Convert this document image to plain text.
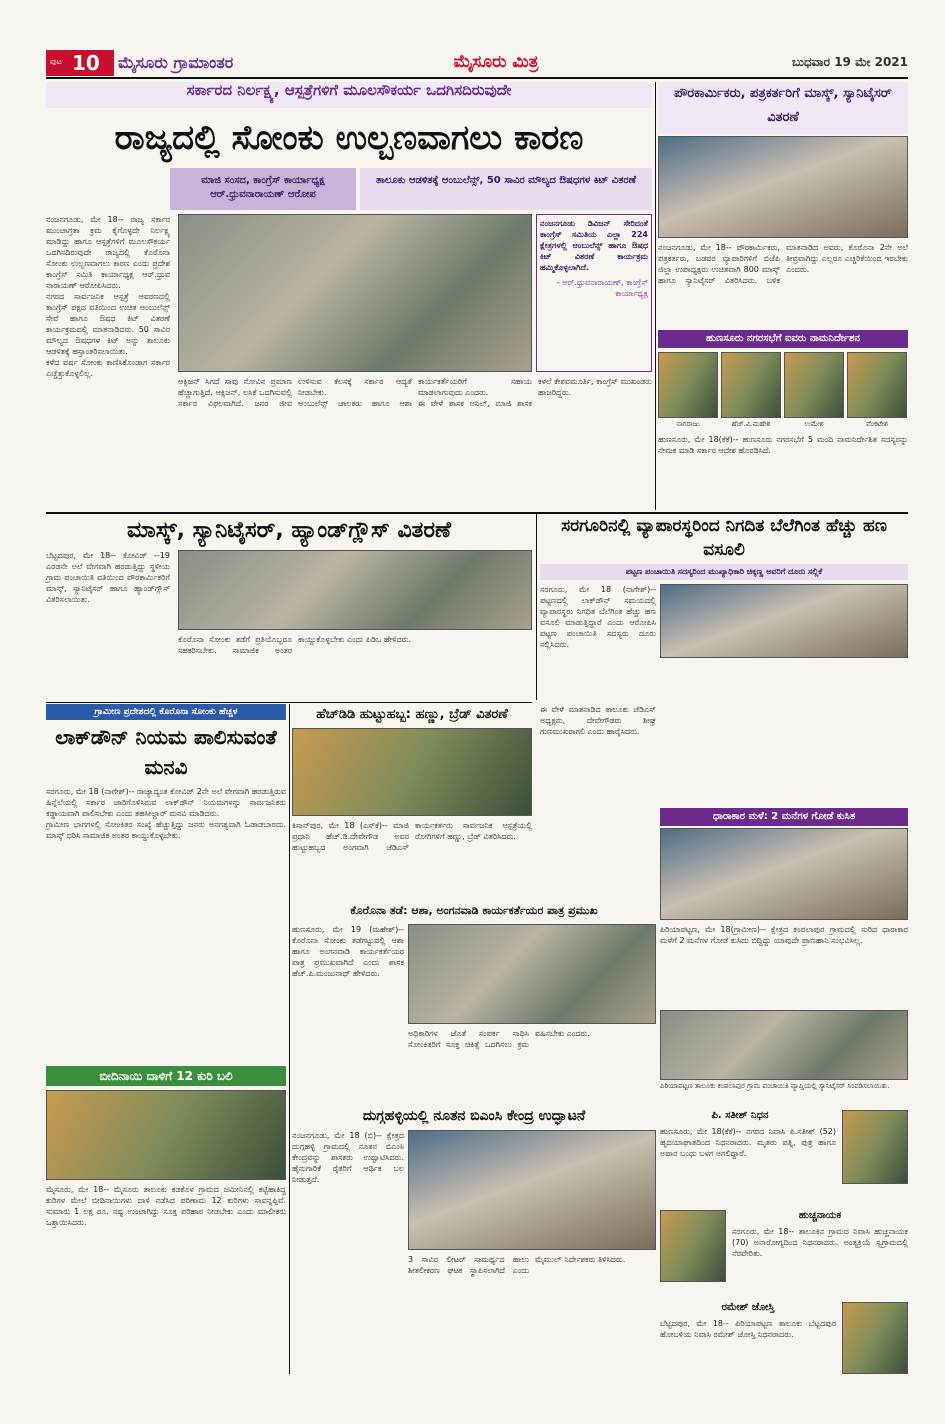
ಪುಟ 10 ಮೈಸೂರು ಗ್ರಾಮಾಂತರ	ಮೈಸೂರು ಮಿತ್ರ	ಬುಧವಾರ 19 ಮೇ 2021
ಸರ್ಕಾರದ ನಿರ್ಲಕ್ಷ್ಯ, ಆಸ್ಪತ್ರೆಗಳಿಗೆ ಮೂಲಸೌಕರ್ಯ ಒದಗಿಸದಿರುವುದೇ
ರಾಜ್ಯದಲ್ಲಿ ಸೋಂಕು ಉಲ್ಬಣವಾಗಲು ಕಾರಣ
ಮಾಜಿ ಸಂಸದ, ಕಾಂಗ್ರೆಸ್ ಕಾರ್ಯಾಧ್ಯಕ್ಷ ಆರ್.ಧ್ರುವನಾರಾಯಣ್ ಆರೋಪ
ತಾಲೂಕು ಆಡಳಿತಕ್ಕೆ ಆಂಬುಲೆನ್ಸ್, 50 ಸಾವಿರ ಮೌಲ್ಯದ ಔಷಧಗಳ ಕಿಟ್ ವಿತರಣೆ
ನಂಜನಗೂಡು, ಮೇ 18-- ರಾಜ್ಯ ಸರ್ಕಾರ ಮುಂಜಾಗ್ರತಾ ಕ್ರಮ ಕೈಗೊಳ್ಳದೇ ನಿರ್ಲಕ್ಷ್ಯ ಮಾಡಿದ್ದು ಹಾಗೂ ಆಸ್ಪತ್ರೆಗಳಿಗೆ ಮೂಲಸೌಕರ್ಯ ಒದಗಿಸದಿರುವುದೇ ರಾಜ್ಯದಲ್ಲಿ ಕೊರೊನಾ ಸೋಂಕು ಉಲ್ಬಣವಾಗಲು ಕಾರಣ ಎಂದು ಪ್ರದೇಶ ಕಾಂಗ್ರೆಸ್ ಸಮಿತಿ ಕಾರ್ಯಾಧ್ಯಕ್ಷ ಆರ್.ಧ್ರುವ ನಾರಾಯಣ್ ಆರೋಪಿಸಿದರು.
ನಗರದ ಸಾರ್ವಜನಿಕ ಆಸ್ಪತ್ರೆ ಆವರಣದಲ್ಲಿ ಕಾಂಗ್ರೆಸ್ ಪಕ್ಷದ ವತಿಯಿಂದ ಉಚಿತ ಆಂಬುಲೆನ್ಸ್ ಸೇವೆ ಹಾಗೂ ಔಷಧ ಕಿಟ್ ವಿತರಣೆ ಕಾರ್ಯಕ್ರಮದಲ್ಲಿ ಮಾತನಾಡಿದರು. 50 ಸಾವಿರ ಮೌಲ್ಯದ ಔಷಧಗಳ ಕಿಟ್ ಅನ್ನು ತಾಲೂಕು ಆಡಳಿತಕ್ಕೆ ಹಸ್ತಾಂತರಿಸಲಾಯಿತು.
ಕಳೆದ ವರ್ಷ ಸೋಂಕು ಕಾಣಿಸಿಕೊಂಡಾಗ ಸರ್ಕಾರ ಎಚ್ಚೆತ್ತುಕೊಳ್ಳಲಿಲ್ಲ.
ನಂಜನಗೂಡು ಡಿವಿಜನ್ ಸೇರಿದಂತೆ ಕಾಂಗ್ರೆಸ್ ಸಮಿತಿಯ ಎಲ್ಲಾ 224 ಕ್ಷೇತ್ರಗಳಲ್ಲಿ ಆಂಬುಲೆನ್ಸ್ ಹಾಗೂ ಔಷಧ ಕಿಟ್ ವಿತರಣೆ ಕಾರ್ಯಕ್ರಮ ಹಮ್ಮಿಕೊಳ್ಳಲಾಗಿದೆ.
- ಆರ್.ಧ್ರುವನಾರಾಯಣ್, ಕಾಂಗ್ರೆಸ್ ಕಾರ್ಯಾಧ್ಯಕ್ಷ
ಆಕ್ಸಿಜನ್ ಸಿಗದೆ ಸಾವು ನೋವಿನ ಪ್ರಮಾಣ ಹೆಚ್ಚಾಗುತ್ತಿದೆ. ಆಕ್ಸಿಜನ್, ಲಸಿಕೆ ಒದಗಿಸುವಲ್ಲಿ ಸರ್ಕಾರ ವಿಫಲವಾಗಿದೆ. ಜನರ ಜೀವ ಉಳಿಸುವ ಕೆಲಸಕ್ಕೆ ಸರ್ಕಾರ ಆದ್ಯತೆ ನೀಡಬೇಕು.
ಆಂಬುಲೆನ್ಸ್ ಚಾಲಕರು ಹಾಗೂ ಆಶಾ ಕಾರ್ಯಕರ್ತೆಯರಿಗೆ ಸಹಾಯ ಮಾಡಲಾಗುವುದು ಎಂದರು.
ಈ ವೇಳೆ ಶಾಸಕ ಅನಿಲ್, ಮಾಜಿ ಶಾಸಕ ಕಳಲೆ ಕೇಶವಮೂರ್ತಿ, ಕಾಂಗ್ರೆಸ್ ಮುಖಂಡರು ಹಾಜರಿದ್ದರು.
ಪೌರಕಾರ್ಮಿಕರು, ಪತ್ರಕರ್ತರಿಗೆ ಮಾಸ್ಕ್, ಸ್ಯಾನಿಟೈಸರ್ ವಿತರಣೆ
ನಂಜನಗೂಡು, ಮೇ 18-- ಪೌರಕಾರ್ಮಿಕರು, ಪತ್ರಕರ್ತರು, ಬಡವರ ವ್ಯಾಪಾರಿಗಳಿಗೆ ಬಿಜೆಪಿ ಜಿಲ್ಲಾ ಉಪಾಧ್ಯಕ್ಷರು ಉಚಿತವಾಗಿ 800 ಮಾಸ್ಕ್ ಹಾಗೂ ಸ್ಯಾನಿಟೈಸರ್ ವಿತರಿಸಿದರು. ಬಳಿಕ ಮಾತನಾಡಿದ ಅವರು, ಕೊರೊನಾ 2ನೇ ಅಲೆ ತೀವ್ರವಾಗಿದ್ದು ಎಲ್ಲರೂ ಎಚ್ಚರಿಕೆಯಿಂದ ಇರಬೇಕು ಎಂದರು.
ಹುಣಸೂರು ನಗರಸಭೆಗೆ ಐವರು ನಾಮನಿರ್ದೇಶನ
ನಾಗರಾಜು	ಹೆಚ್.ವಿ.ಮಹೇಶ	ಉಮೇಶ	ವೆಂಕಟೇಶ
ಹುಣಸೂರು, ಮೇ 18(ಕೆಕೆ)-- ಹುಣಸೂರು ನಗರಸಭೆಗೆ 5 ಮಂದಿ ನಾಮನಿರ್ದೇಶಿತ ಸದಸ್ಯರನ್ನು ನೇಮಕ ಮಾಡಿ ಸರ್ಕಾರ ಆದೇಶ ಹೊರಡಿಸಿದೆ.
ಮಾಸ್ಕ್, ಸ್ಯಾನಿಟೈಸರ್, ಹ್ಯಾಂಡ್‌ಗ್ಲೌಸ್ ವಿತರಣೆ
ಬೆಟ್ಟದಪುರ, ಮೇ 18-- ಕೋವಿಡ್ --19 ಎರಡನೇ ಅಲೆ ವೇಗವಾಗಿ ಹರಡುತ್ತಿದ್ದು ಸ್ಥಳೀಯ ಗ್ರಾಮ ಪಂಚಾಯಿತಿ ವತಿಯಿಂದ ಪೌರಕಾರ್ಮಿಕರಿಗೆ ಮಾಸ್ಕ್, ಸ್ಯಾನಿಟೈಸರ್ ಹಾಗೂ ಹ್ಯಾಂಡ್‌ಗ್ಲೌಸ್ ವಿತರಿಸಲಾಯಿತು.
ಕೊರೊನಾ ಸೋಂಕು ತಡೆಗೆ ಪ್ರತಿಯೊಬ್ಬರೂ ಸಹಕರಿಸಬೇಕು. ಸಾಮಾಜಿಕ ಅಂತರ ಕಾಯ್ದುಕೊಳ್ಳಬೇಕು ಎಂದು ಪಿಡಿಒ ಹೇಳಿದರು.
ಸರಗೂರಿನಲ್ಲಿ ವ್ಯಾಪಾರಸ್ಥರಿಂದ ನಿಗದಿತ ಬೆಲೆಗಿಂತ ಹೆಚ್ಚು ಹಣ ವಸೂಲಿ
ಪಟ್ಟಣ ಪಂಚಾಯಿತಿ ಸದಸ್ಯರಿಂದ ಮುಖ್ಯಾಧಿಕಾರಿ ಚಿಕ್ಕಣ್ಣ ಅವರಿಗೆ ದೂರು ಸಲ್ಲಿಕೆ
ಸರಗೂರು, ಮೇ 18 (ನಾಗೇಶ್)-- ಪಟ್ಟಣದಲ್ಲಿ ಲಾಕ್‌ಡೌನ್ ಸಮಯದಲ್ಲಿ ವ್ಯಾಪಾರಸ್ಥರು ನಿಗದಿತ ಬೆಲೆಗಿಂತ ಹೆಚ್ಚು ಹಣ ವಸೂಲಿ ಮಾಡುತ್ತಿದ್ದಾರೆ ಎಂದು ಆರೋಪಿಸಿ ಪಟ್ಟಣ ಪಂಚಾಯಿತಿ ಸದಸ್ಯರು ದೂರು ಸಲ್ಲಿಸಿದರು.
ಗ್ರಾಮೀಣ ಪ್ರದೇಶದಲ್ಲಿ ಕೊರೊನಾ ಸೋಂಕು ಹೆಚ್ಚಳ
ಲಾಕ್‌ಡೌನ್ ನಿಯಮ ಪಾಲಿಸುವಂತೆ ಮನವಿ
ಸರಗೂರು, ಮೇ 18 (ನಾಗೇಶ್)-- ರಾಜ್ಯಾದ್ಯಂತ ಕೋವಿಡ್ 2ನೇ ಅಲೆ ವೇಗವಾಗಿ ಹರಡುತ್ತಿರುವ ಹಿನ್ನೆಲೆಯಲ್ಲಿ ಸರ್ಕಾರ ಜಾರಿಗೊಳಿಸಿರುವ ಲಾಕ್‌ಡೌನ್ ನಿಯಮಗಳನ್ನು ಸಾರ್ವಜನಿಕರು ಕಡ್ಡಾಯವಾಗಿ ಪಾಲಿಸಬೇಕು ಎಂದು ತಹಸೀಲ್ದಾರ್ ಮನವಿ ಮಾಡಿದರು.
ಗ್ರಾಮೀಣ ಭಾಗಗಳಲ್ಲಿ ಸೋಂಕಿತರ ಸಂಖ್ಯೆ ಹೆಚ್ಚುತ್ತಿದ್ದು ಜನರು ಅನಗತ್ಯವಾಗಿ ಓಡಾಡಬಾರದು. ಮಾಸ್ಕ್ ಧರಿಸಿ ಸಾಮಾಜಿಕ ಅಂತರ ಕಾಯ್ದುಕೊಳ್ಳಬೇಕು.
ಹೆಚ್‌ಡಿಡಿ ಹುಟ್ಟುಹಬ್ಬ: ಹಣ್ಣು, ಬ್ರೆಡ್ ವಿತರಣೆ
ಕಿಸಾನ್‌ಪುರ, ಮೇ 18 (ಎಸ್‌ಕೆ)-- ಮಾಜಿ ಪ್ರಧಾನಿ ಹೆಚ್.ಡಿ.ದೇವೇಗೌಡ ಅವರ ಹುಟ್ಟುಹಬ್ಬದ ಅಂಗವಾಗಿ ಜೆಡಿಎಸ್ ಕಾರ್ಯಕರ್ತರು ಸಾರ್ವಜನಿಕ ಆಸ್ಪತ್ರೆಯಲ್ಲಿ ರೋಗಿಗಳಿಗೆ ಹಣ್ಣು, ಬ್ರೆಡ್ ವಿತರಿಸಿದರು.
ಈ ವೇಳೆ ಮಾತನಾಡಿದ ತಾಲೂಕು ಜೆಡಿಎಸ್ ಅಧ್ಯಕ್ಷರು, ದೇವೇಗೌಡರು ಶೀಘ್ರ ಗುಣಮುಖರಾಗಲಿ ಎಂದು ಹಾರೈಸಿದರು.
ಧಾರಾಕಾರ ಮಳೆ: 2 ಮನೆಗಳ ಗೋಡೆ ಕುಸಿತ
ಪಿರಿಯಾಪಟ್ಟಣ, ಮೇ 18(ಗ್ರಾಮೀಣ)-- ಕ್ಷೇತ್ರದ ಕಂಪಲಾಪುರ ಗ್ರಾಮದಲ್ಲಿ ಸುರಿದ ಧಾರಾಕಾರ ಮಳೆಗೆ 2 ಮನೆಗಳ ಗೋಡೆ ಕುಸಿದು ಬಿದ್ದಿದ್ದು ಯಾವುದೇ ಪ್ರಾಣಹಾನಿ ಸಂಭವಿಸಿಲ್ಲ.
ಪಿರಿಯಾಪಟ್ಟಣ ತಾಲೂಕು ಕಂಪಲಾಪುರ ಗ್ರಾಮ ಪಂಚಾಯಿತಿ ವ್ಯಾಪ್ತಿಯಲ್ಲಿ ಸ್ಯಾನಿಟೈಸರ್ ಸಿಂಪಡಿಸಲಾಯಿತು.
ಕೊರೊನಾ ತಡೆ: ಆಶಾ, ಅಂಗನವಾಡಿ ಕಾರ್ಯಕರ್ತೆಯರ ಪಾತ್ರ ಪ್ರಮುಖ
ಹುಣಸೂರು, ಮೇ 19 (ಮಹೇಶ್)-- ಕೊರೊನಾ ಸೋಂಕು ತಡೆಗಟ್ಟುವಲ್ಲಿ ಆಶಾ ಹಾಗೂ ಅಂಗನವಾಡಿ ಕಾರ್ಯಕರ್ತೆಯರ ಪಾತ್ರ ಪ್ರಮುಖವಾಗಿದೆ ಎಂದು ಶಾಸಕ ಹೆಚ್.ಪಿ.ಮಂಜುನಾಥ್ ಹೇಳಿದರು.
ಅಧಿಕಾರಿಗಳ ಜೊತೆ ಸಂಪರ್ಕ ಸಾಧಿಸಿ ಸೋಂಕಿತರಿಗೆ ಸೂಕ್ತ ಚಿಕಿತ್ಸೆ ಒದಗಿಸಲು ಕ್ರಮ ವಹಿಸಬೇಕು ಎಂದರು.
ಬೀದಿನಾಯಿ ದಾಳಿಗೆ 12 ಕುರಿ ಬಲಿ
ಮೈಸೂರು, ಮೇ 18-- ಮೈಸೂರು ತಾಲೂಕು ಕಡಕೊಳ ಗ್ರಾಮದ ಜಮೀನಿನಲ್ಲಿ ಕಟ್ಟಿಹಾಕಿದ್ದ ಕುರಿಗಳ ಮೇಲೆ ಬೀದಿನಾಯಿಗಳು ದಾಳಿ ನಡೆಸಿದ ಪರಿಣಾಮ 12 ಕುರಿಗಳು ಸಾವನ್ನಪ್ಪಿವೆ. ಸುಮಾರು 1 ಲಕ್ಷ ರೂ. ನಷ್ಟ ಉಂಟಾಗಿದ್ದು ಸೂಕ್ತ ಪರಿಹಾರ ನೀಡಬೇಕು ಎಂದು ಮಾಲೀಕರು ಒತ್ತಾಯಿಸಿದರು.
ದುಗ್ಗಹಳ್ಳಿಯಲ್ಲಿ ನೂತನ ಬಿಎಂಸಿ ಕೇಂದ್ರ ಉದ್ಘಾಟನೆ
ನಂಜನಗೂಡು, ಮೇ 18 (ಬಿ)-- ಕ್ಷೇತ್ರದ ದುಗ್ಗಹಳ್ಳಿ ಗ್ರಾಮದಲ್ಲಿ ನೂತನ ಬಿಎಂಸಿ ಕೇಂದ್ರವನ್ನು ಶಾಸಕರು ಉದ್ಘಾಟಿಸಿದರು. ಹೈನುಗಾರಿಕೆ ರೈತರಿಗೆ ಆರ್ಥಿಕ ಬಲ ನೀಡುತ್ತದೆ.
3 ಸಾವಿರ ಲೀಟರ್ ಸಾಮರ್ಥ್ಯದ ಹಾಲು ಶೀತಲೀಕರಣ ಘಟಕ ಸ್ಥಾಪಿಸಲಾಗಿದೆ ಎಂದು ಮೈಮುಲ್ ನಿರ್ದೇಶಕರು ತಿಳಿಸಿದರು.
ಪಿ. ಸತೀಶ್ ನಿಧನ
ಹುಣಸೂರು, ಮೇ 18(ಕೆಕೆ)-- ನಗರದ ನಿವಾಸಿ ಪಿ.ಸತೀಶ್ (52) ಹೃದಯಾಘಾತದಿಂದ ನಿಧನರಾದರು. ಮೃತರು ಪತ್ನಿ, ಪುತ್ರ ಹಾಗೂ ಅಪಾರ ಬಂಧು ಬಳಗ ಅಗಲಿದ್ದಾರೆ.
ಹುಚ್ಚನಾಯಕ
ಸರಗೂರು, ಮೇ 18-- ತಾಲೂಕಿನ ಗ್ರಾಮದ ನಿವಾಸಿ ಹುಚ್ಚನಾಯಕ (70) ಅನಾರೋಗ್ಯದಿಂದ ನಿಧನರಾದರು. ಅಂತ್ಯಕ್ರಿಯೆ ಸ್ವಗ್ರಾಮದಲ್ಲಿ ನೆರವೇರಿತು.
ರಮೇಶ್ ಜೋಸ್ತಿ
ಬೆಟ್ಟದಪುರ, ಮೇ 18-- ಪಿರಿಯಾಪಟ್ಟಣ ತಾಲೂಕು ಬೆಟ್ಟದಪುರ ಹೋಬಳಿಯ ನಿವಾಸಿ ರಮೇಶ್ ಜೋಸ್ತಿ ನಿಧನರಾದರು.
